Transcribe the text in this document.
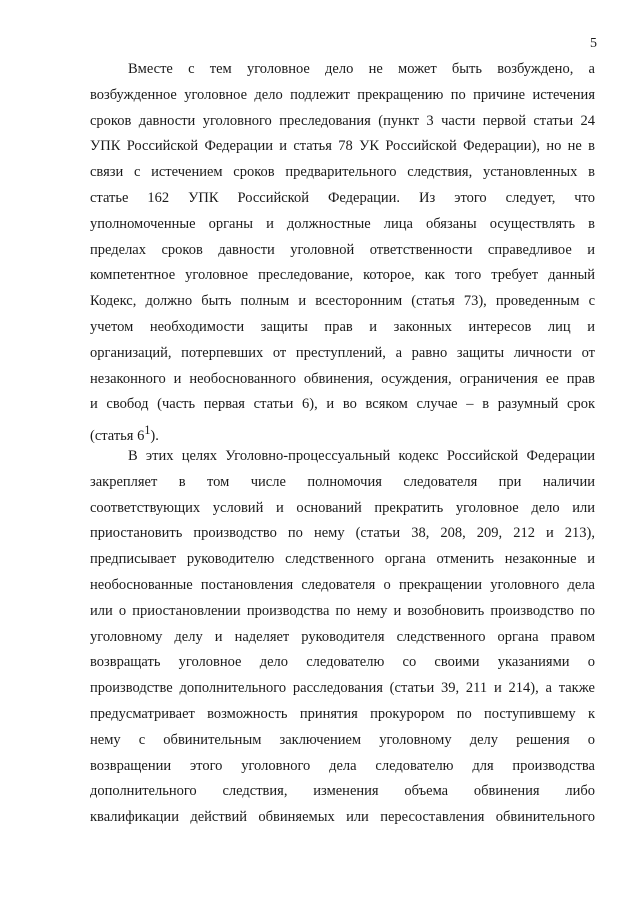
5

Вместе с тем уголовное дело не может быть возбуждено, а

возбужденное уголовное дело подлежит прекращению по причине истечения

сроков давности уголовного преследования (пункт 3 части первой статьи 24

УПК Российской Федерации и статья 78 УК Российской Федерации), но не в

связи с истечением сроков предварительного следствия, установленных в

статье 162 УПК Российской Федерации. Из этого следует, что

уполномоченные органы и должностные лица обязаны осуществлять в

пределах сроков давности уголовной ответственности справедливое и

компетентное уголовное преследование, которое, как того требует данный

Кодекс, должно быть полным и всесторонним (статья 73), проведенным с

учетом необходимости защиты прав и законных интересов лиц и

организаций, потерпевших от преступлений, а равно защиты личности от

незаконного и необоснованного обвинения, осуждения, ограничения ее прав

и свобод (часть первая статьи 6), и во всяком случае – в разумный срок

(статья $6^1$).

В этих целях Уголовно-процессуальный кодекс Российской Федерации

закрепляет в том числе полномочия следователя при наличии

соответствующих условий и оснований прекратить уголовное дело или

приостановить производство по нему (статьи 38, 208, 209, 212 и 213),

предписывает руководителю следственного органа отменить незаконные и

необоснованные постановления следователя о прекращении уголовного дела

или о приостановлении производства по нему и возобновить производство по

уголовному делу и наделяет руководителя следственного органа правом

возвращать уголовное дело следователю со своими указаниями о

производстве дополнительного расследования (статьи 39, 211 и 214), а также

предусматривает возможность принятия прокурором по поступившему к

нему с обвинительным заключением уголовному делу решения о

возвращении этого уголовного дела следователю для производства

дополнительного следствия, изменения объема обвинения либо

квалификации действий обвиняемых или пересоставления обвинительного
